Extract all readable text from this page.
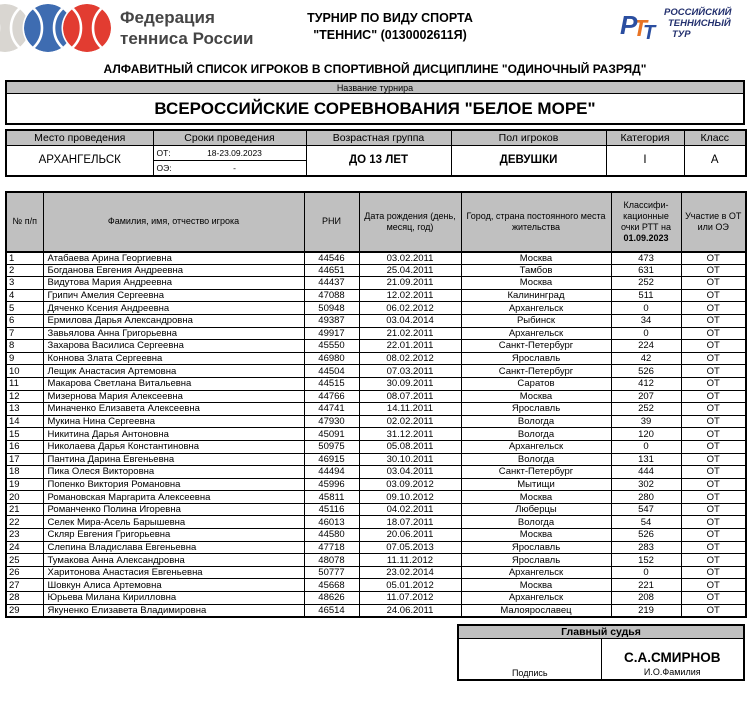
Федерация
тенниса России
ТУРНИР ПО ВИДУ СПОРТА
"ТЕННИС" (0130002611Я)	Р
Т
Т
РОССИЙСКИЙ
ТЕННИСНЫЙ
ТУР
АЛФАВИТНЫЙ СПИСОК ИГРОКОВ В СПОРТИВНОЙ ДИСЦИПЛИНЕ "ОДИНОЧНЫЙ РАЗРЯД"
Название турнира
ВСЕРОССИЙСКИЕ СОРЕВНОВАНИЯ "БЕЛОЕ МОРЕ"
Место проведения	Сроки проведения	Возрастная группа	Пол игроков	Категория	Класс
АРХАНГЕЛЬСК	ОТ: 18-23.09.2023
ОЭ: -	ДО 13 ЛЕТ	ДЕВУШКИ	I	А
№ п/п	Фамилия, имя, отчество игрока	РНИ	Дата рождения (день, месяц, год)	Город, страна постоянного места жительства	Классифи-кационные очки РТТ на
01.09.2023	Участие в ОТ или ОЭ
1	Атабаева Арина Георгиевна	44546	03.02.2011	Москва	473	ОТ
2	Богданова Евгения Андреевна	44651	25.04.2011	Тамбов	631	ОТ
3	Видутова Мария Андреевна	44437	21.09.2011	Москва	252	ОТ
4	Грипич Амелия Сергеевна	47088	12.02.2011	Калининград	511	ОТ
5	Дяченко Ксения Андреевна	50948	06.02.2012	Архангельск	0	ОТ
6	Ермилова Дарья Александровна	49387	03.04.2014	Рыбинск	34	ОТ
7	Завьялова Анна Григорьевна	49917	21.02.2011	Архангельск	0	ОТ
8	Захарова Василиса Сергеевна	45550	22.01.2011	Санкт-Петербург	224	ОТ
9	Коннова Злата Сергеевна	46980	08.02.2012	Ярославль	42	ОТ
10	Лещик Анастасия Артемовна	44504	07.03.2011	Санкт-Петербург	526	ОТ
11	Макарова Светлана Витальевна	44515	30.09.2011	Саратов	412	ОТ
12	Мизернова Мария Алексеевна	44766	08.07.2011	Москва	207	ОТ
13	Миначенко Елизавета Алексеевна	44741	14.11.2011	Ярославль	252	ОТ
14	Мукина Нина Сергеевна	47930	02.02.2011	Вологда	39	ОТ
15	Никитина Дарья Антоновна	45091	31.12.2011	Вологда	120	ОТ
16	Николаева Дарья Константиновна	50975	05.08.2011	Архангельск	0	ОТ
17	Пантина Дарина Евгеньевна	46915	30.10.2011	Вологда	131	ОТ
18	Пика Олеся Викторовна	44494	03.04.2011	Санкт-Петербург	444	ОТ
19	Попенко Виктория Романовна	45996	03.09.2012	Мытищи	302	ОТ
20	Романовская Маргарита Алексеевна	45811	09.10.2012	Москва	280	ОТ
21	Романченко Полина Игоревна	45116	04.02.2011	Люберцы	547	ОТ
22	Селек Мира-Асель Барышевна	46013	18.07.2011	Вологда	54	ОТ
23	Скляр Евгения Григорьевна	44580	20.06.2011	Москва	526	ОТ
24	Слепина Владислава Евгеньевна	47718	07.05.2013	Ярославль	283	ОТ
25	Тумакова Анна Александровна	48078	11.11.2012	Ярославль	152	ОТ
26	Харитонова Анастасия Евгеньевна	50777	23.02.2014	Архангельск	0	ОТ
27	Шовкун Алиса Артемовна	45668	05.01.2012	Москва	221	ОТ
28	Юрьева Милана Кирилловна	48626	11.07.2012	Архангельск	208	ОТ
29	Якуненко Елизавета Владимировна	46514	24.06.2011	Малоярославец	219	ОТ
Главный судья
Подпись	
С.А.СМИРНОВ
И.О.Фамилия
